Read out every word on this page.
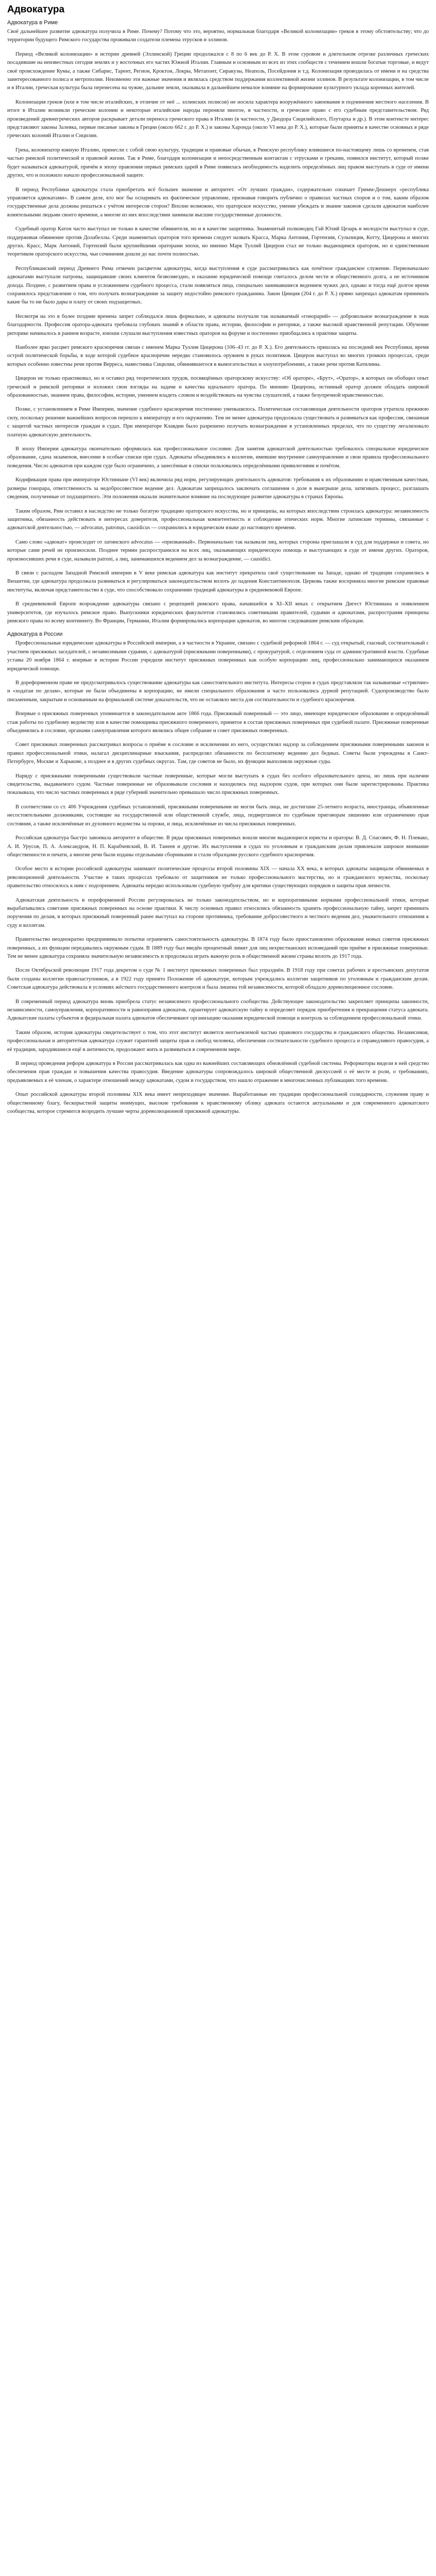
Адвокатура
Адвокатура в Риме

Своё дальнейшее развитие адвокатура получила в Риме. Почему? Потому что это, вероятно, нормальная благодаря «Великой колонизации» греков в этому обстоятельству; что до территории будущего Римского государства проживали создатели племена этрусков и эллинов.

Период «Великой колонизации» в истории древней (Эллинской) Греции продолжался с 8 по 6 век до Р. Х. В этом суровом и длительном отрезке различных греческих посадившие на неизвестных сегодня землях и у восточных его частях Южной Италии. Главным и основным из всех из этих сообществ с течением вошли богатые торговые, и ведут своё происхождение Кумы, а также Сибарис, Тарент, Регион, Кроктон, Локры, Метапонт, Сиракузы, Неаполь, Посейдония и т.д. Колонизация проводилась от имени и на средства заинтересованного полиса и метрополии. Неизменно эти важные значения и являлась средством поддержания коллективной жизни эллинов. В результате колонизации, в том числе и в Италии, греческая культура была перенесена на чужие, дальние земли, оказывала в дальнейшем немалое влияние на формирование культурного уклада коренных жителей.

Колонизация греков (или в том числе италийских, в отличие от неё ... эллинских полисов) не носила характера вооружённого завоевания и подчинения местного населения. В итоге в Италии возникли греческие колонии и некоторые италийские народы переняли многое, в частности, и греческое право с его судебным представительством. Ряд произведений древнегреческих авторов раскрывает детали переноса греческого права в Италию (в частности, у Диодора Сицилийского, Плутарха и др.). В этом контексте интерес представляют законы Залевка, первые писаные законы в Греции (около 662 г. до Р. Х.) и законы Харонда (около VI века до Р. Х.), которые были приняты в качестве основных в ряде греческих колоний Италии и Сицилии.

Грека, колонизатор южную Италию, принесли с собой свою культуру, традиции и правовые обычаи, в Римскую республику влившиеся по-настоящему лишь со временем, став частью римской политической и правовой жизни. Так в Риме, благодаря колонизации и непосредственным контактам с этрусками и греками, появился институт, который позже будет называться адвокатурой, причём в эпоху правления первых римских царей в Риме появилась необходимость наделить определённых лиц правом выступать в суде от имени других, что и положило начало профессиональной защите.

В период Республики адвокатура стала приобретать всё большее значение и авторитет. «От лучших граждан», содержательно означает Гримм-Дешнерх «республика управляется адвокатами». В самом деле, кто мог бы оспаривать их фактическое управление, признавая говорить публично о правилах частных споров и о том, каким образом государственные дела должны решаться с учётом интересов сторон? Вполне возможно, что ораторское искусство, умение убеждать и знание законов сделали адвокатов наиболее влиятельными людьми своего времени, а многие из них впоследствии занимали высшие государственные должности.

Судебный оратор Катон часто выступал не только в качестве обвинителя, но и в качестве защитника. Знаменитый полководец Гай Юлий Цезарь в молодости выступал в суде, поддерживая обвинение против Долабеллы. Среди знаменитых ораторов того времени следует назвать Красса, Марка Антония, Гортензия, Сульпиция, Котту, Цицерона и многих других. Красс, Марк Антоний, Гортензий были крупнейшими ораторами эпохи, но именно Марк Туллий Цицерон стал не только выдающимся оратором, но и единственным теоретиком ораторского искусства, чьи сочинения дошли до нас почти полностью.

Республиканский период Древнего Рима отмечен расцветом адвокатуры, когда выступления в суде рассматривались как почётное гражданское служение. Первоначально адвокатами выступали патроны, защищавшие своих клиентов безвозмездно, и оказание юридической помощи считалось делом чести и общественного долга, а не источником дохода. Позднее, с развитием права и усложнением судебного процесса, стали появляться лица, специально занимавшиеся ведением чужих дел, однако и тогда ещё долгое время сохранялось представление о том, что получать вознаграждение за защиту недостойно римского гражданина. Закон Цинция (204 г. до Р. Х.) прямо запрещал адвокатам принимать какие бы то ни было дары и плату от своих подзащитных.

Несмотря на это в более поздние времена запрет соблюдался лишь формально, и адвокаты получали так называемый «гонорарий» — добровольное вознаграждение в знак благодарности. Профессия оратора-адвоката требовала глубоких знаний в области права, истории, философии и риторики, а также высокой нравственной репутации. Обучение риторике начиналось в раннем возрасте, юноши слушали выступления известных ораторов на форуме и постепенно приобщались к практике защиты.

Наиболее ярко расцвет римского красноречия связан с именем Марка Туллия Цицерона (106–43 гг. до Р. Х.). Его деятельность пришлась на последний век Республики, время острой политической борьбы, в ходе которой судебное красноречие нередко становилось оружием в руках политиков. Цицерон выступал во многих громких процессах, среди которых особенно известны речи против Верреса, наместника Сицилии, обвинявшегося в вымогательствах и злоупотреблениях, а также речи против Катилины.

Цицерон не только практиковал, но и оставил ряд теоретических трудов, посвящённых ораторскому искусству: «Об ораторе», «Брут», «Оратор», в которых он обобщил опыт греческой и римской риторики и изложил свои взгляды на задачи и качества идеального оратора. По мнению Цицерона, истинный оратор должен обладать широкой образованностью, знанием права, философии, истории, умением владеть словом и воздействовать на чувства слушателей, а также безупречной нравственностью.

Позже, с установлением в Риме Империи, значение судебного красноречия постепенно уменьшилось. Политическая составляющая деятельности ораторов утратила прежнюю силу, поскольку решение важнейших вопросов перешло к императору и его окружению. Тем не менее адвокатура продолжала существовать и развиваться как профессия, связанная с защитой частных интересов граждан в судах. При императоре Клавдии было разрешено получать вознаграждение в установленных пределах, что по существу легализовало платную адвокатскую деятельность.

В эпоху Империи адвокатура окончательно оформилась как профессиональное сословие. Для занятия адвокатской деятельностью требовалось специальное юридическое образование, сдача экзаменов, внесение в особые списки при судах. Адвокаты объединялись в коллегии, имевшие внутреннее самоуправление и свои правила профессионального поведения. Число адвокатов при каждом суде было ограничено, а занесённые в списки пользовались определёнными привилегиями и почётом.

Кодификация права при императоре Юстиниане (VI век) включила ряд норм, регулирующих деятельность адвокатов: требования к их образованию и нравственным качествам, размеры гонорара, ответственность за недобросовестное ведение дел. Адвокатам запрещалось заключать соглашения о доле в выигрыше дела, затягивать процесс, разглашать сведения, полученные от подзащитного. Эти положения оказали значительное влияние на последующее развитие адвокатуры в странах Европы.

Таким образом, Рим оставил в наследство не только богатую традицию ораторского искусства, но и принципы, на которых впоследствии строилась адвокатура: независимость защитника, обязанность действовать в интересах доверителя, профессиональная компетентность и соблюдение этических норм. Многие латинские термины, связанные с адвокатской деятельностью, — advocatus, patronus, causidicus — сохранились в юридическом языке до настоящего времени.

Само слово «адвокат» происходит от латинского advocatus — «призванный». Первоначально так называли лиц, которых стороны приглашали в суд для поддержки и совета, но которые сами речей не произносили. Позднее термин распространился на всех лиц, оказывающих юридическую помощь и выступающих в суде от имени других. Ораторов, произносивших речи в суде, называли patroni, а лиц, занимавшихся ведением дел за вознаграждение, — causidici.

В связи с распадом Западной Римской империи в V веке римская адвокатура как институт прекратила своё существование на Западе, однако её традиции сохранились в Византии, где адвокатура продолжала развиваться и регулироваться законодательством вплоть до падения Константинополя. Церковь также восприняла многие римские правовые институты, включая представительство в суде, что способствовало сохранению традиций адвокатуры в средневековой Европе.

В средневековой Европе возрождение адвокатуры связано с рецепцией римского права, начавшейся в XI–XII веках с открытием Дигест Юстиниана и появлением университетов, где изучалось римское право. Выпускники юридических факультетов становились советниками правителей, судьями и адвокатами, распространяя принципы римского права по всему континенту. Во Франции, Германии, Италии формировались корпорации адвокатов, во многом следовавшие римским образцам.

Адвокатура в России

Профессиональные юридические адвокатуры в Российской империи, а в частности в Украине, связано с судебной реформой 1864 г. — суд открытый, гласный, состязательный с участием присяжных заседателей, с независимыми судьями, с адвокатурой (присяжными поверенными), с прокуратурой, с отделением суда от административной власти. Судебные уставы 20 ноября 1864 г. впервые в истории России учредили институт присяжных поверенных как особую корпорацию лиц, профессионально занимающихся оказанием юридической помощи.

В дореформенном праве не предусматривалось существование адвокатуры как самостоятельного института. Интересы сторон в судах представляли так называемые «стряпчие» и «ходатаи по делам», которые не были объединены в корпорацию, не имели специального образования и часто пользовались дурной репутацией. Судопроизводство было письменным, закрытым и основанным на формальной системе доказательств, что не оставляло места для состязательности и судебного красноречия.

Впервые о присяжных поверенных упоминается в законодательном акте 1866 года. Присяжный поверенный — это лицо, имеющее юридическое образование и определённый стаж работы по судебному ведомству или в качестве помощника присяжного поверенного, принятое в состав присяжных поверенных при судебной палате. Присяжные поверенные объединялись в сословие, органами самоуправления которого являлись общее собрание и совет присяжных поверенных.

Совет присяжных поверенных рассматривал вопросы о приёме в сословие и исключении из него, осуществлял надзор за соблюдением присяжными поверенными законов и правил профессиональной этики, налагал дисциплинарные взыскания, распределял обязанности по бесплатному ведению дел бедных. Советы были учреждены в Санкт-Петербурге, Москве и Харькове, а позднее и в других судебных округах. Там, где советов не было, их функции выполняли окружные суды.

Наряду с присяжными поверенными существовали частные поверенные, которые могли выступать в судах без особого образовательного ценза, но лишь при наличии свидетельства, выдаваемого судом. Частные поверенные не образовывали сословия и находились под надзором судов, при которых они были зарегистрированы. Практика показывала, что число частных поверенных в ряде губерний значительно превышало число присяжных поверенных.

В соответствии со ст. 406 Учреждения судебных установлений, присяжными поверенными не могли быть лица, не достигшие 25-летнего возраста, иностранцы, объявленные несостоятельными должниками, состоящие на государственной или общественной службе, лица, подвергшиеся по судебным приговорам лишению или ограничению прав состояния, а также исключённые из духовного ведомства за пороки, и лица, исключённые из числа присяжных поверенных.

Российская адвокатура быстро завоевала авторитет в обществе. В ряды присяжных поверенных вошли многие выдающиеся юристы и ораторы: В. Д. Спасович, Ф. Н. Плевако, А. И. Урусов, П. А. Александров, Н. П. Карабчевский, В. И. Танеев и другие. Их выступления в судах по уголовным и гражданским делам привлекали широкое внимание общественности и печати, а многие речи были изданы отдельными сборниками и стали образцами русского судебного красноречия.

Особое место в истории российской адвокатуры занимают политические процессы второй половины XIX — начала XX века, в которых адвокаты защищали обвиняемых в революционной деятельности. Участие в таких процессах требовало от защитников не только профессионального мастерства, но и гражданского мужества, поскольку правительство относилось к ним с подозрением. Адвокаты нередко использовали судебную трибуну для критики существующих порядков и защиты прав личности.

Адвокатская деятельность в пореформенной России регулировалась не только законодательством, но и корпоративными нормами профессиональной этики, которые вырабатывались советами присяжных поверенных на основе практики. К числу основных правил относились обязанность хранить профессиональную тайну, запрет принимать поручения по делам, в которых присяжный поверенный ранее выступал на стороне противника, требование добросовестного и честного ведения дел, уважительного отношения к суду и коллегам.

Правительство неоднократно предпринимало попытки ограничить самостоятельность адвокатуры. В 1874 году было приостановлено образование новых советов присяжных поверенных, а их функции передавались окружным судам. В 1889 году был введён процентный лимит для лиц нехристианских исповеданий при приёме в присяжные поверенные. Тем не менее адвокатура сохраняла значительную независимость и продолжала играть важную роль в общественной жизни страны вплоть до 1917 года.

После Октябрьской революции 1917 года декретом о суде № 1 институт присяжных поверенных был упразднён. В 1918 году при советах рабочих и крестьянских депутатов были созданы коллегии правозаступников, а в 1922 году принято Положение об адвокатуре, которым учреждались коллегии защитников по уголовным и гражданским делам. Советская адвокатура действовала в условиях жёсткого государственного контроля и была лишена той независимости, которой обладало дореволюционное сословие.

В современный период адвокатура вновь приобрела статус независимого профессионального сообщества. Действующее законодательство закрепляет принципы законности, независимости, самоуправления, корпоративности и равноправия адвокатов, гарантирует адвокатскую тайну и определяет порядок приобретения и прекращения статуса адвоката. Адвокатские палаты субъектов и федеральная палата адвокатов обеспечивают организацию оказания юридической помощи и контроль за соблюдением профессиональной этики.

Таким образом, история адвокатуры свидетельствует о том, что этот институт является неотъемлемой частью правового государства и гражданского общества. Независимая, профессиональная и авторитетная адвокатура служит гарантией защиты прав и свобод человека, обеспечения состязательности судебного процесса и справедливого правосудия, а её традиции, зародившиеся ещё в античности, продолжают жить и развиваться в современном мире.

В период проведения реформ адвокатура в России рассматривалась как одна из важнейших составляющих обновлённой судебной системы. Реформаторы видели в ней средство обеспечения прав граждан и повышения качества правосудия. Введение адвокатуры сопровождалось широкой общественной дискуссией о её месте и роли, о требованиях, предъявляемых к её членам, о характере отношений между адвокатами, судом и государством, что нашло отражение в многочисленных публикациях того времени.

Опыт российской адвокатуры второй половины XIX века имеет непреходящее значение. Выработанные ею традиции профессиональной солидарности, служения праву и общественному благу, бескорыстной защиты неимущих, высокие требования к нравственному облику адвоката остаются актуальными и для современного адвокатского сообщества, которое стремится возродить лучшие черты дореволюционной присяжной адвокатуры.
